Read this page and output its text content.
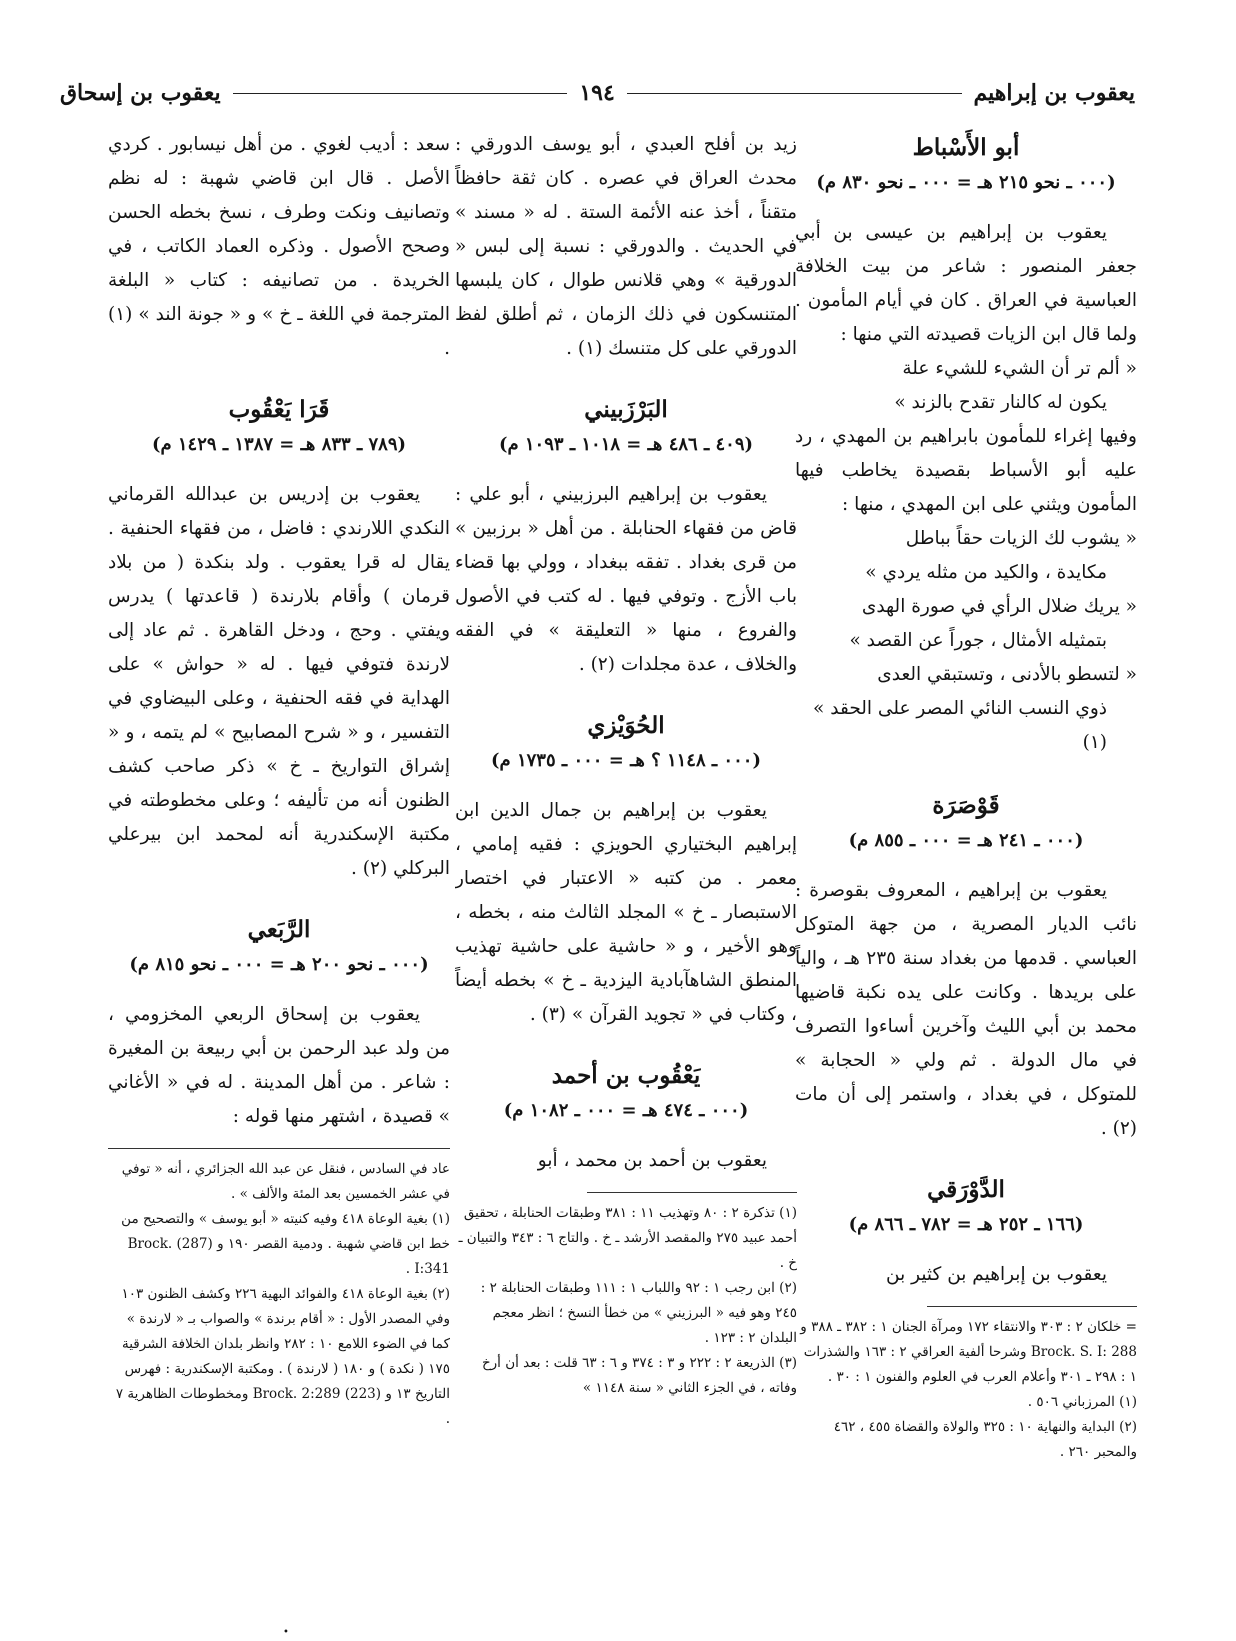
يعقوب بن إبراهيم
١٩٤
يعقوب بن إسحاق

أبو الأَسْباط

(٠٠٠ ـ نحو ٢١٥ هـ = ٠٠٠ ـ نحو ٨٣٠ م)

يعقوب بن إبراهيم بن عيسى بن أبي جعفر المنصور : شاعر من بيت الخلافة العباسية في العراق . كان في أيام المأمون . ولما قال ابن الزيات قصيدته التي منها :

« ألم تر أن الشيء للشيء علة

يكون له كالنار تقدح بالزند »

وفيها إغراء للمأمون بابراهيم بن المهدي ، رد عليه أبو الأسباط بقصيدة يخاطب فيها المأمون ويثني على ابن المهدي ، منها :

« يشوب لك الزيات حقاً بباطل

مكايدة ، والكيد من مثله يردي »

« يريك ضلال الرأي في صورة الهدى

بتمثيله الأمثال ، جوراً عن القصد »

« لتسطو بالأدنى ، وتستبقي العدى

ذوي النسب النائي المصر على الحقد » (١)

قَوْصَرَة

(٠٠٠ ـ ٢٤١ هـ = ٠٠٠ ـ ٨٥٥ م)

يعقوب بن إبراهيم ، المعروف بقوصرة : نائب الديار المصرية ، من جهة المتوكل العباسي . قدمها من بغداد سنة ٢٣٥ هـ ، والياً على بريدها . وكانت على يده نكبة قاضيها محمد بن أبي الليث وآخرين أساءوا التصرف في مال الدولة . ثم ولي « الحجابة » للمتوكل ، في بغداد ، واستمر إلى أن مات (٢) .

الدَّوْرَقي

(١٦٦ ـ ٢٥٢ هـ = ٧٨٢ ـ ٨٦٦ م)

يعقوب بن إبراهيم بن كثير بن

= خلكان ٢ : ٣٠٣ والانتقاء ١٧٢ ومرآة الجنان ١ : ٣٨٢ ـ ٣٨٨ و Brock. S. I: 288 وشرحا ألفية العراقي ٢ : ١٦٣ والشذرات ١ : ٢٩٨ ـ ٣٠١ وأعلام العرب في العلوم والفنون ١ : ٣٠ .

(١) المرزباني ٥٠٦ .

(٢) البداية والنهاية ١٠ : ٣٢٥ والولاة والقضاة ٤٥٥ ، ٤٦٢ والمحبر ٢٦٠ .

زيد بن أفلح العبدي ، أبو يوسف الدورقي : محدث العراق في عصره . كان ثقة حافظاً متقناً ، أخذ عنه الأئمة الستة . له « مسند » في الحديث . والدورقي : نسبة إلى لبس « الدورقية » وهي قلانس طوال ، كان يلبسها المتنسكون في ذلك الزمان ، ثم أطلق لفظ الدورقي على كل متنسك (١) .

البَرْزَبيني

(٤٠٩ ـ ٤٨٦ هـ = ١٠١٨ ـ ١٠٩٣ م)

يعقوب بن إبراهيم البرزبيني ، أبو علي : قاض من فقهاء الحنابلة . من أهل « برزبين » من قرى بغداد . تفقه ببغداد ، وولي بها قضاء باب الأزج . وتوفي فيها . له كتب في الأصول والفروع ، منها « التعليقة » في الفقه والخلاف ، عدة مجلدات (٢) .

الحُوَيْزي

(٠٠٠ ـ ١١٤٨ ؟ هـ = ٠٠٠ ـ ١٧٣٥ م)

يعقوب بن إبراهيم بن جمال الدين ابن إبراهيم البختياري الحويزي : فقيه إمامي ، معمر . من كتبه « الاعتبار في اختصار الاستبصار ـ خ » المجلد الثالث منه ، بخطه ، وهو الأخير ، و « حاشية على حاشية تهذيب المنطق الشاهآبادية اليزدية ـ خ » بخطه أيضاً ، وكتاب في « تجويد القرآن » (٣) .

يَعْقُوب بن أحمد

(٠٠٠ ـ ٤٧٤ هـ = ٠٠٠ ـ ١٠٨٢ م)

يعقوب بن أحمد بن محمد ، أبو

(١) تذكرة ٢ : ٨٠ وتهذيب ١١ : ٣٨١ وطبقات الحنابلة ، تحقيق أحمد عبيد ٢٧٥ والمقصد الأرشد ـ خ . والتاج ٦ : ٣٤٣ والتبيان ـ خ .

(٢) ابن رجب ١ : ٩٢ واللباب ١ : ١١١ وطبقات الحنابلة ٢ : ٢٤٥ وهو فيه « البرزيني » من خطأ النسخ ؛ انظر معجم البلدان ٢ : ١٢٣ .

(٣) الذريعة ٢ : ٢٢٢ و ٣ : ٣٧٤ و ٦ : ٦٣ قلت : بعد أن أرخ وفاته ، في الجزء الثاني « سنة ١١٤٨ »

سعد : أديب لغوي . من أهل نيسابور . كردي الأصل . قال ابن قاضي شهبة : له نظم وتصانيف ونكت وطرف ، نسخ بخطه الحسن وصحح الأصول . وذكره العماد الكاتب ، في الخريدة . من تصانيفه : كتاب « البلغة المترجمة في اللغة ـ خ » و « جونة الند » (١) .

قَرَا يَعْقُوب

(٧٨٩ ـ ٨٣٣ هـ = ١٣٨٧ ـ ١٤٢٩ م)

يعقوب بن إدريس بن عبدالله القرماني النكدي اللارندي : فاضل ، من فقهاء الحنفية . يقال له قرا يعقوب . ولد بنكدة ( من بلاد قرمان ) وأقام بلارندة ( قاعدتها ) يدرس ويفتي . وحج ، ودخل القاهرة . ثم عاد إلى لارندة فتوفي فيها . له « حواش » على الهداية في فقه الحنفية ، وعلى البيضاوي في التفسير ، و « شرح المصابيح » لم يتمه ، و « إشراق التواريخ ـ خ » ذكر صاحب كشف الظنون أنه من تأليفه ؛ وعلى مخطوطته في مكتبة الإسكندرية أنه لمحمد ابن بيرعلي البركلي (٢) .

الرَّبَعي

(٠٠٠ ـ نحو ٢٠٠ هـ = ٠٠٠ ـ نحو ٨١٥ م)

يعقوب بن إسحاق الربعي المخزومي ، من ولد عبد الرحمن بن أبي ربيعة بن المغيرة : شاعر . من أهل المدينة . له في « الأغاني » قصيدة ، اشتهر منها قوله :

عاد في السادس ، فنقل عن عبد الله الجزائري ، أنه « توفي في عشر الخمسين بعد المئة والألف » .

(١) بغية الوعاة ٤١٨ وفيه كنيته « أبو يوسف » والتصحيح من خط ابن قاضي شهبة . ودمية القصر ١٩٠ و (287) Brock. I:341 .

(٢) بغية الوعاة ٤١٨ والفوائد البهية ٢٢٦ وكشف الظنون ١٠٣ وفي المصدر الأول : « أقام برندة » والصواب بـ « لارندة » كما في الضوء اللامع ١٠ : ٢٨٢ وانظر بلدان الخلافة الشرقية ١٧٥ ( نكدة ) و ١٨٠ ( لارندة ) . ومكتبة الإسكندرية : فهرس التاريخ ١٣ و (223) Brock. 2:289 ومخطوطات الظاهرية ٧ .

•
